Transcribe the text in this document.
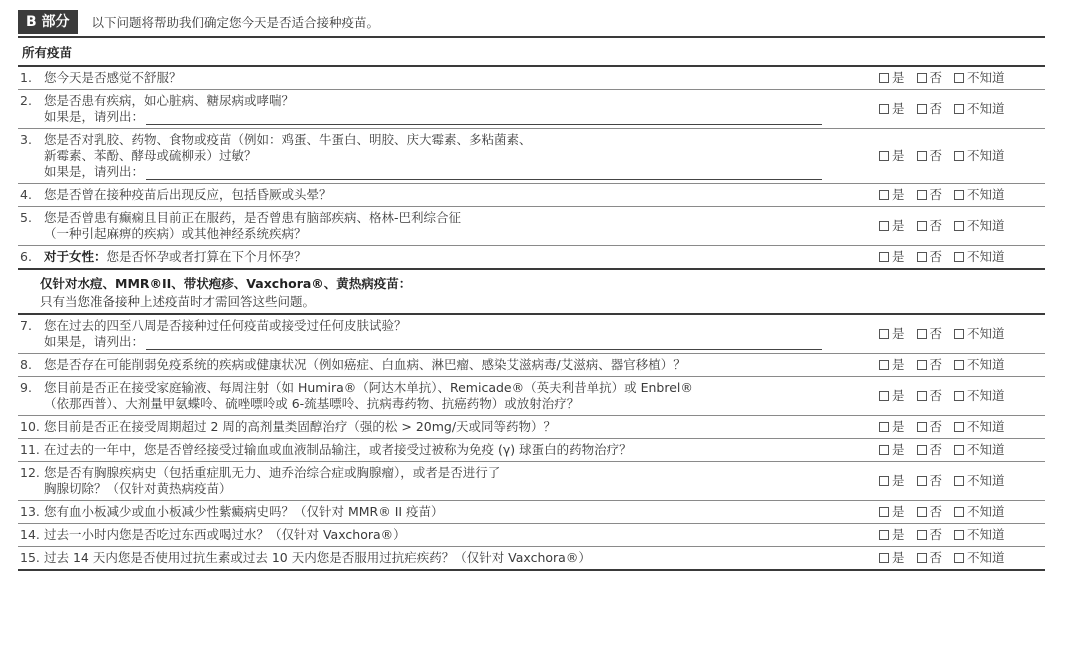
B 部分	以下问题将帮助我们确定您今天是否适合接种疫苗。
所有疫苗
1. 您今天是否感觉不舒服？	是 否 不知道
2. 您是否患有疾病，如心脏病、糖尿病或哮喘？
如果是，请列出：
是 否 不知道
3. 您是否对乳胶、药物、食物或疫苗（例如：鸡蛋、牛蛋白、明胶、庆大霉素、多粘菌素、
新霉素、苯酚、酵母或硫柳汞）过敏？
如果是，请列出：
是 否 不知道
4. 您是否曾在接种疫苗后出现反应，包括昏厥或头晕？	是 否 不知道
5. 您是否曾患有癫痫且目前正在服药，是否曾患有脑部疾病、格林-巴利综合征
（一种引起麻痹的疾病）或其他神经系统疾病？
是 否 不知道
6. 对于女性：您是否怀孕或者打算在下个月怀孕？	是 否 不知道
仅针对水痘、MMR®II、带状疱疹、Vaxchora®、黄热病疫苗：
只有当您准备接种上述疫苗时才需回答这些问题。
7. 您在过去的四至八周是否接种过任何疫苗或接受过任何皮肤试验？
如果是，请列出：
是 否 不知道
8. 您是否存在可能削弱免疫系统的疾病或健康状况（例如癌症、白血病、淋巴瘤、感染艾滋病毒/艾滋病、器官移植）？	是 否 不知道
9. 您目前是否正在接受家庭输液、每周注射（如 Humira®（阿达木单抗）、Remicade®（英夫利昔单抗）或 Enbrel®
（依那西普）、大剂量甲氨蝶呤、硫唑嘌呤或 6-巯基嘌呤、抗病毒药物、抗癌药物）或放射治疗？
是 否 不知道
10. 您目前是否正在接受周期超过 2 周的高剂量类固醇治疗（强的松 > 20mg/天或同等药物）？	是 否 不知道
11. 在过去的一年中，您是否曾经接受过输血或血液制品输注，或者接受过被称为免疫 (γ) 球蛋白的药物治疗？	是 否 不知道
12. 您是否有胸腺疾病史（包括重症肌无力、迪乔治综合症或胸腺瘤），或者是否进行了
胸腺切除？（仅针对黄热病疫苗）
是 否 不知道
13. 您有血小板减少或血小板减少性紫癜病史吗？（仅针对 MMR® II 疫苗）	是 否 不知道
14. 过去一小时内您是否吃过东西或喝过水？（仅针对 Vaxchora®）	是 否 不知道
15. 过去 14 天内您是否使用过抗生素或过去 10 天内您是否服用过抗疟疾药？（仅针对 Vaxchora®）	是 否 不知道
